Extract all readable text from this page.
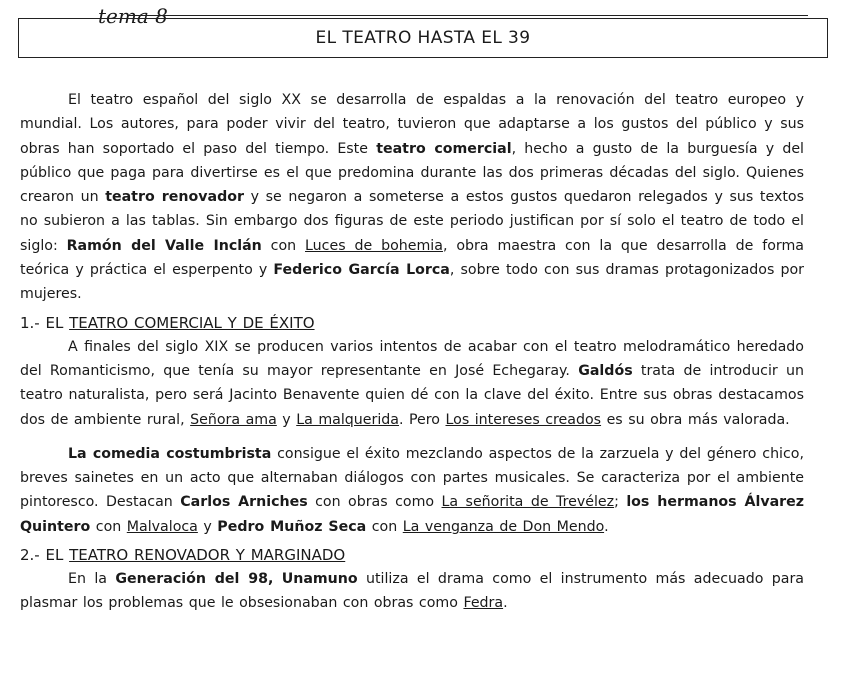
tema 8
EL TEATRO HASTA EL 39

El teatro español del siglo XX se desarrolla de espaldas a la renovación del teatro europeo y mundial. Los autores, para poder vivir del teatro, tuvieron que adaptarse a los gustos del público y sus obras han soportado el paso del tiempo. Este teatro comercial, hecho a gusto de la burguesía y del público que paga para divertirse es el que predomina durante las dos primeras décadas del siglo. Quienes crearon un teatro renovador y se negaron a someterse a estos gustos quedaron relegados y sus textos no subieron a las tablas. Sin embargo dos figuras de este periodo justifican por sí solo el teatro de todo el siglo: Ramón del Valle Inclán con Luces de bohemia, obra maestra con la que desarrolla de forma teórica y práctica el esperpento y Federico García Lorca, sobre todo con sus dramas protagonizados por mujeres.

1.- EL TEATRO COMERCIAL Y DE ÉXITO

A finales del siglo XIX se producen varios intentos de acabar con el teatro melodramático heredado del Romanticismo, que tenía su mayor representante en José Echegaray. Galdós trata de introducir un teatro naturalista, pero será Jacinto Benavente quien dé con la clave del éxito. Entre sus obras destacamos dos de ambiente rural, Señora ama y La malquerida. Pero Los intereses creados es su obra más valorada.

La comedia costumbrista consigue el éxito mezclando aspectos de la zarzuela y del género chico, breves sainetes en un acto que alternaban diálogos con partes musicales. Se caracteriza por el ambiente pintoresco. Destacan Carlos Arniches con obras como La señorita de Trevélez; los hermanos Álvarez Quintero con Malvaloca y Pedro Muñoz Seca con La venganza de Don Mendo.

2.- EL TEATRO RENOVADOR Y MARGINADO

En la Generación del 98, Unamuno utiliza el drama como el instrumento más adecuado para plasmar los problemas que le obsesionaban con obras como Fedra.
